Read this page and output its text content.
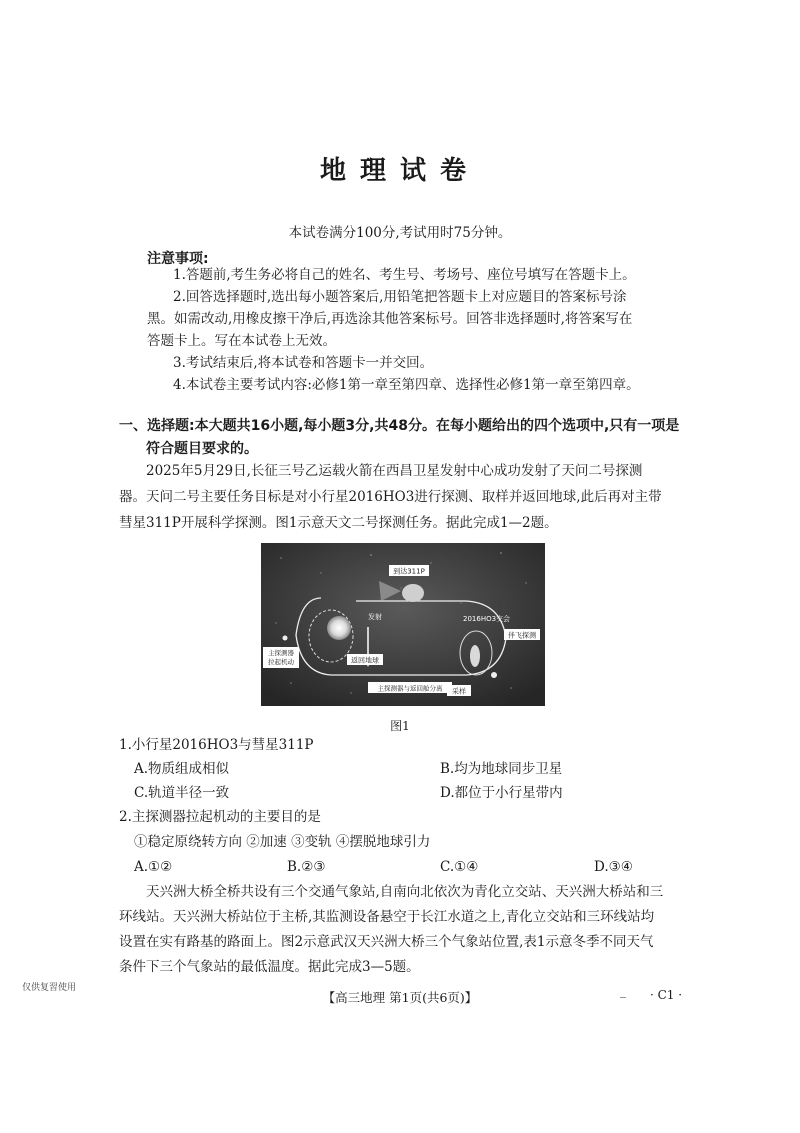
地理试卷
本试卷满分100分,考试用时75分钟。
注意事项:
1.答题前,考生务必将自己的姓名、考生号、考场号、座位号填写在答题卡上。
2.回答选择题时,选出每小题答案后,用铅笔把答题卡上对应题目的答案标号涂
黑。如需改动,用橡皮擦干净后,再选涂其他答案标号。回答非选择题时,将答案写在
答题卡上。写在本试卷上无效。
3.考试结束后,将本试卷和答题卡一并交回。
4.本试卷主要考试内容:必修1第一章至第四章、选择性必修1第一章至第四章。
一、选择题:本大题共16小题,每小题3分,共48分。在每小题给出的四个选项中,只有一项是
符合题目要求的。
2025年5月29日,长征三号乙运载火箭在西昌卫星发射中心成功发射了天问二号探测
器。天问二号主要任务目标是对小行星2016HO3进行探测、取样并返回地球,此后再对主带
彗星311P开展科学探测。图1示意天文二号探测任务。据此完成1—2题。
到达311P
发射
返回地球
2016HO3交会
伴飞探测
采样
主探测器
拉起机动
主探测器与返回舱分离
图1
1.小行星2016HO3与彗星311P
A.物质组成相似	B.均为地球同步卫星
C.轨道半径一致	D.都位于小行星带内
2.主探测器拉起机动的主要目的是
①稳定原绕转方向 ②加速 ③变轨 ④摆脱地球引力
A.①②	B.②③	C.①④	D.③④
天兴洲大桥全桥共设有三个交通气象站,自南向北依次为青化立交站、天兴洲大桥站和三
环线站。天兴洲大桥站位于主桥,其监测设备悬空于长江水道之上,青化立交站和三环线站均
设置在实有路基的路面上。图2示意武汉天兴洲大桥三个气象站位置,表1示意冬季不同天气
条件下三个气象站的最低温度。据此完成3—5题。
仅供复習使用
【高三地理 第1页(共6页)】	_ · C1 ·
